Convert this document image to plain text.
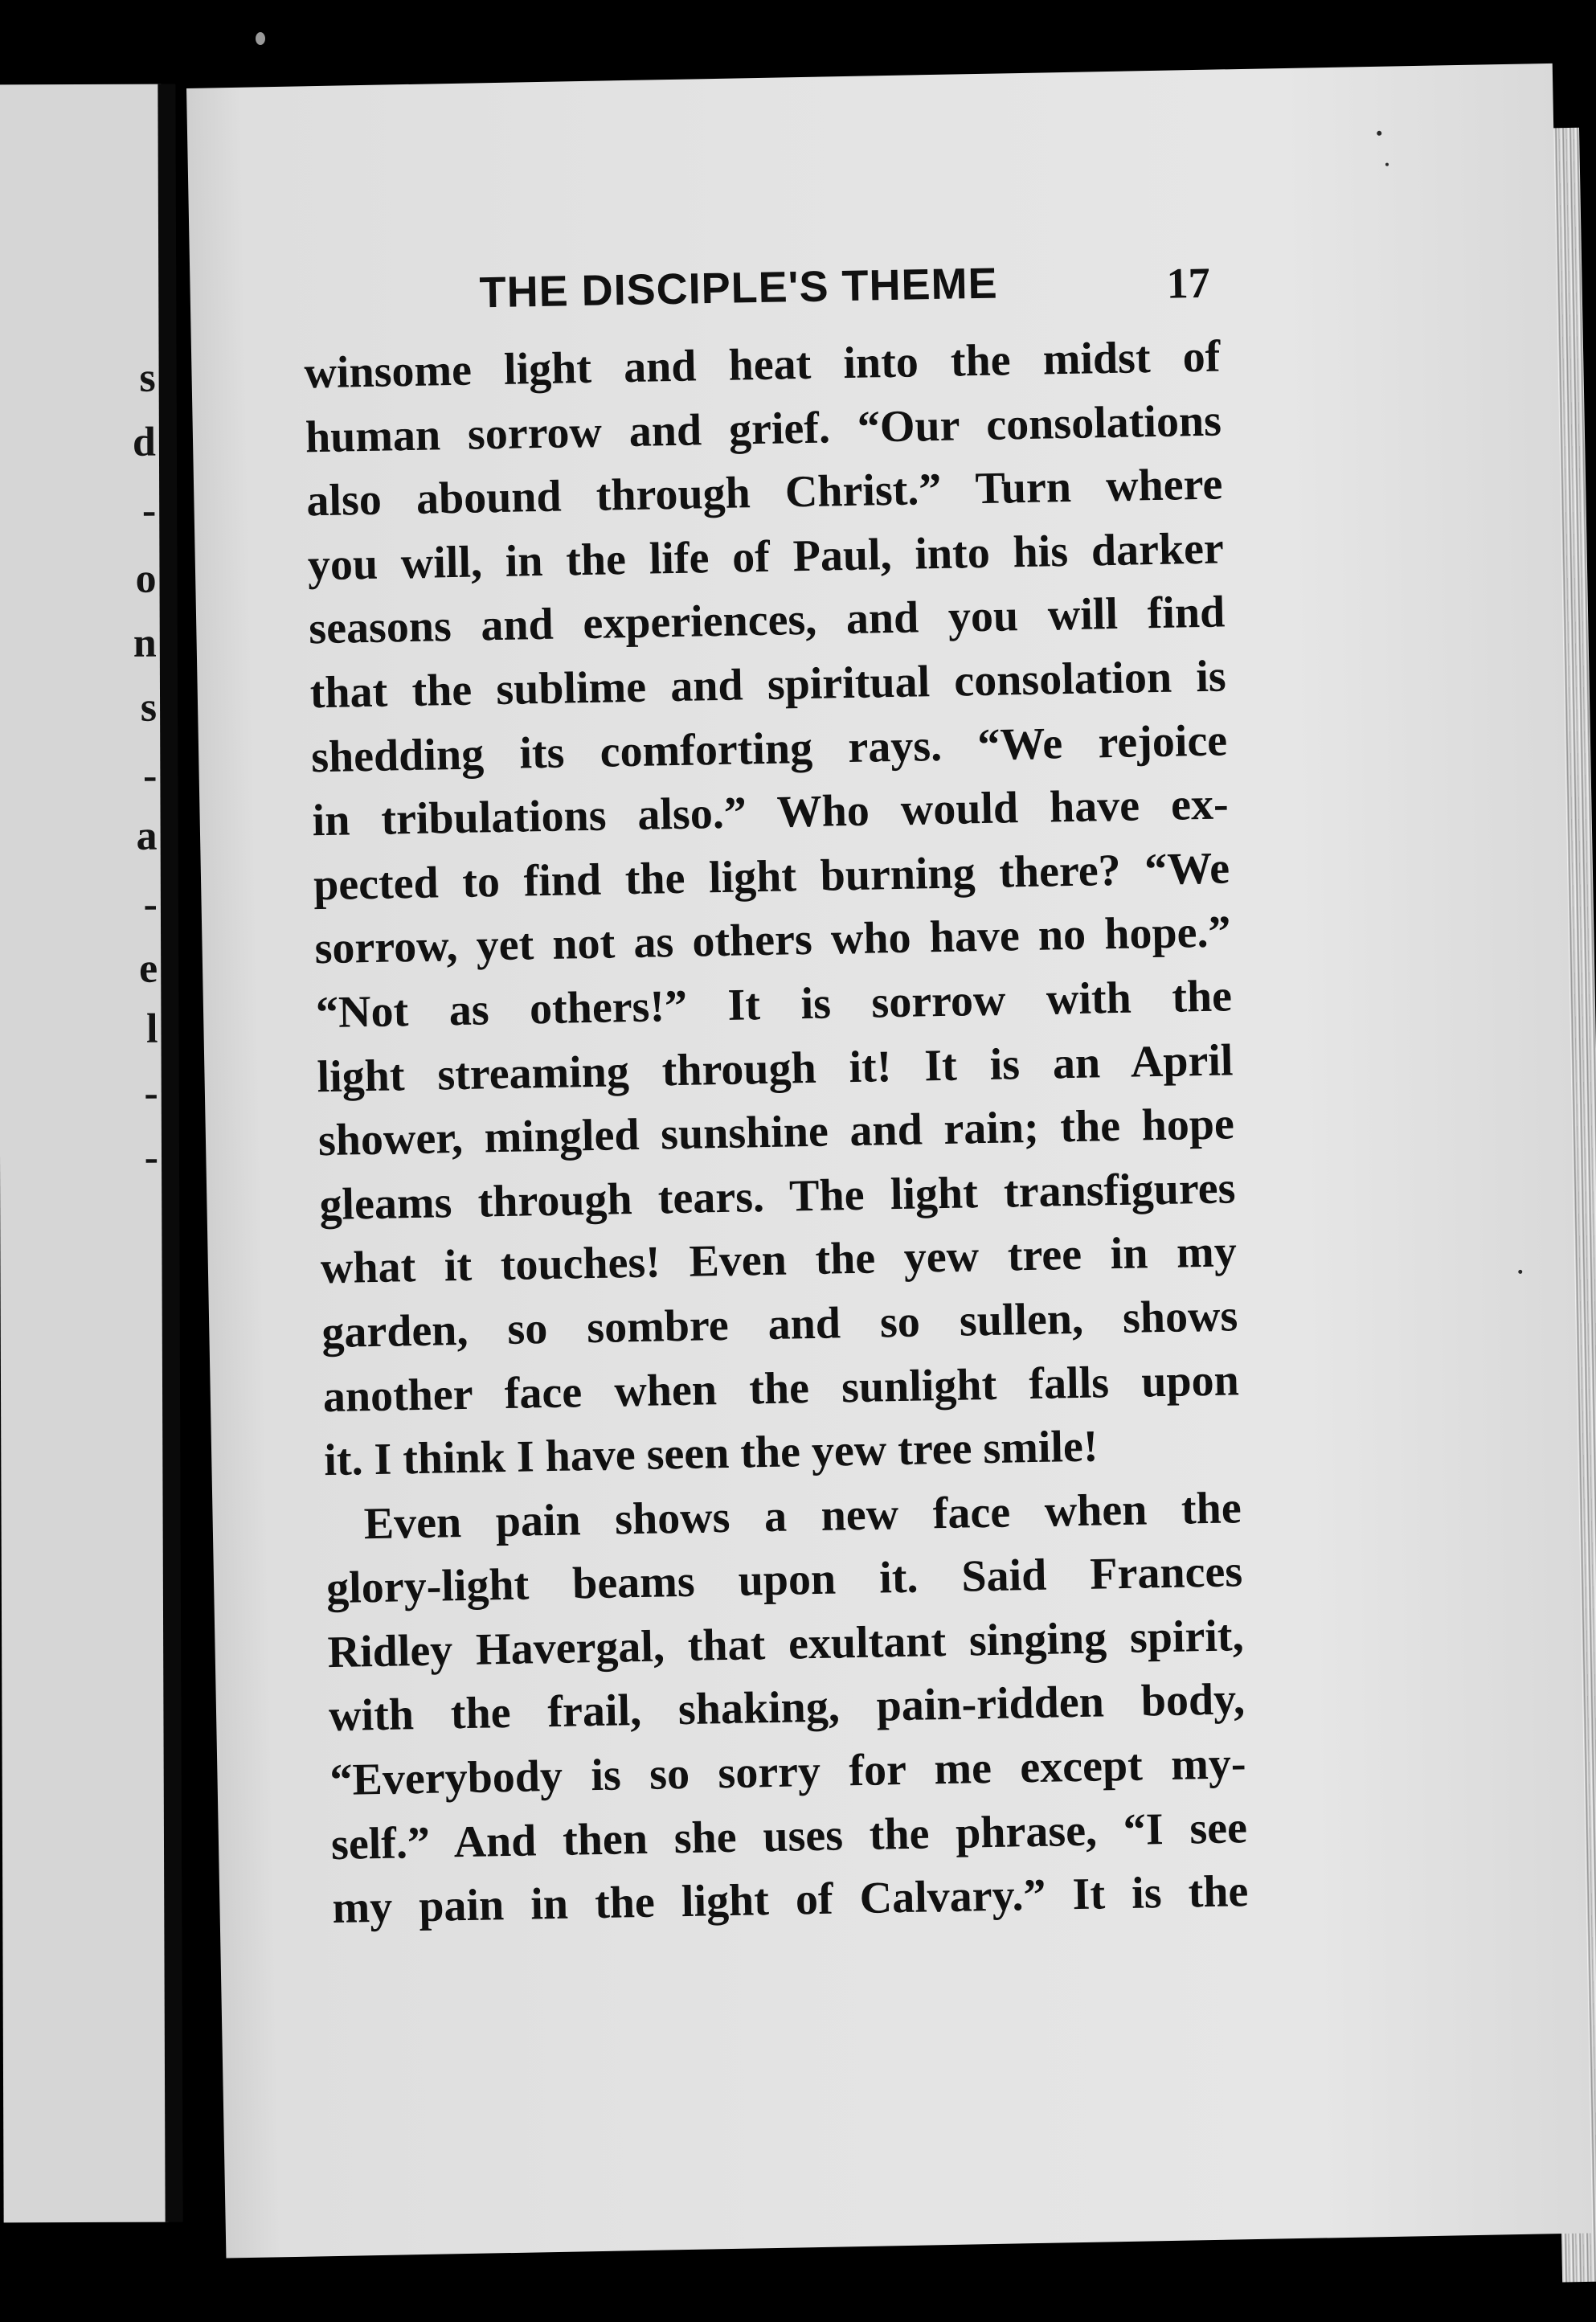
s
d
-
o
n
s
-
a
-
e
l
-
-
THE DISCIPLE'S THEME	17
winsome light and heat into the midst of
human sorrow and grief. “Our consolations
also abound through Christ.” Turn where
you will, in the life of Paul, into his darker
seasons and experiences, and you will find
that the sublime and spiritual consolation is
shedding its comforting rays. “We rejoice
in tribulations also.” Who would have ex-
pected to find the light burning there? “We
sorrow, yet not as others who have no hope.”
“Not as others!” It is sorrow with the
light streaming through it! It is an April
shower, mingled sunshine and rain; the hope
gleams through tears. The light transfigures
what it touches! Even the yew tree in my
garden, so sombre and so sullen, shows
another face when the sunlight falls upon
it. I think I have seen the yew tree smile!
Even pain shows a new face when the
glory-light beams upon it. Said Frances
Ridley Havergal, that exultant singing spirit,
with the frail, shaking, pain-ridden body,
“Everybody is so sorry for me except my-
self.” And then she uses the phrase, “I see
my pain in the light of Calvary.” It is the
